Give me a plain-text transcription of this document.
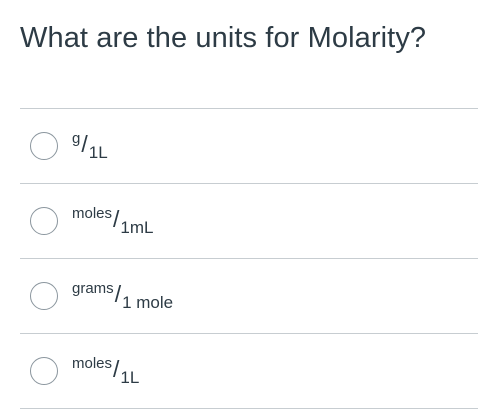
What are the units for Molarity?
g/1L
moles/1mL
grams/1 mole
moles/1L
